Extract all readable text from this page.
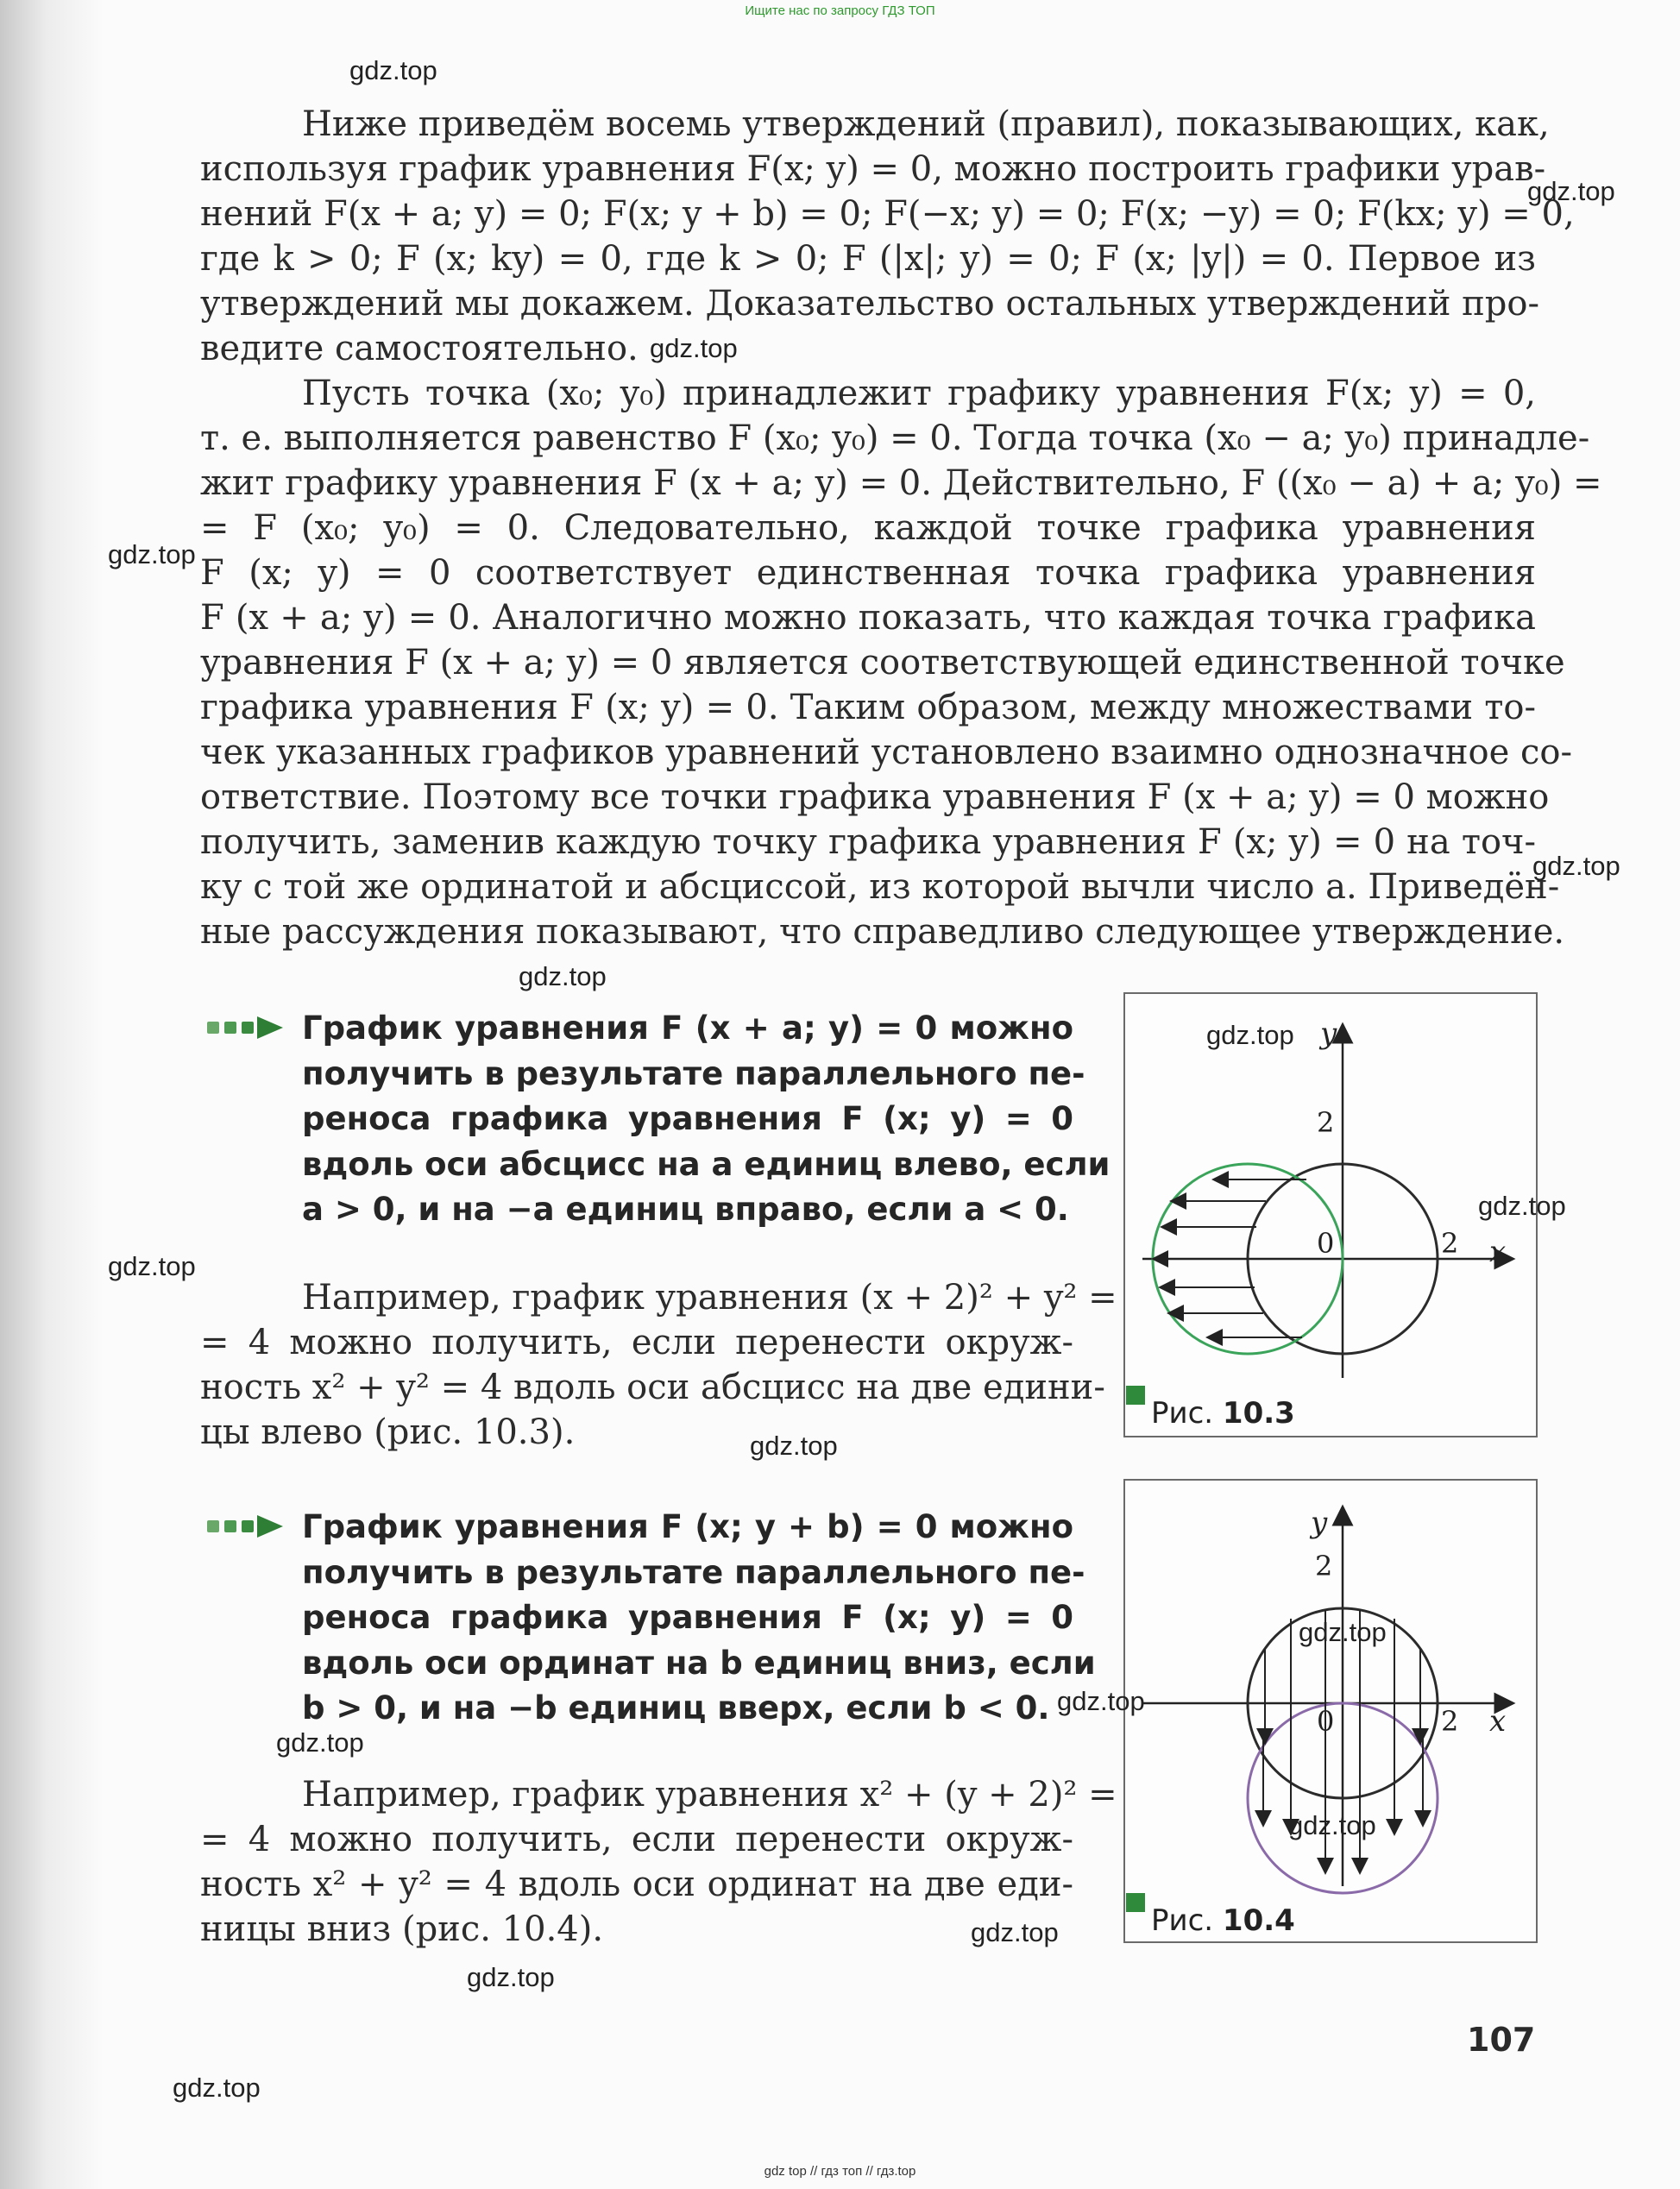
Ищите нас по запросу ГДЗ ТОП
Ниже приведём восемь утверждений (правил), показывающих, как,
используя график уравнения F(x; y) = 0, можно построить графики урав-
нений F(x + a; y) = 0; F(x; y + b) = 0; F(−x; y) = 0; F(x; −y) = 0; F(kx; y) = 0,
где k > 0; F (x; ky) = 0, где k > 0; F (|x|; y) = 0; F (x; |y|) = 0. Первое из
утверждений мы докажем. Доказательство остальных утверждений про-
ведите самостоятельно.
Пусть точка (x₀; y₀) принадлежит графику уравнения F(x; y) = 0,
т. е. выполняется равенство F (x₀; y₀) = 0. Тогда точка (x₀ − a; y₀) принадле-
жит графику уравнения F (x + a; y) = 0. Действительно, F ((x₀ − a) + a; y₀) =
= F (x₀; y₀) = 0. Следовательно, каждой точке графика уравнения
F (x; y) = 0 соответствует единственная точка графика уравнения
F (x + a; y) = 0. Аналогично можно показать, что каждая точка графика
уравнения F (x + a; y) = 0 является соответствующей единственной точке
графика уравнения F (x; y) = 0. Таким образом, между множествами то-
чек указанных графиков уравнений установлено взаимно однозначное со-
ответствие. Поэтому все точки графика уравнения F (x + a; y) = 0 можно
получить, заменив каждую точку графика уравнения F (x; y) = 0 на точ-
ку с той же ординатой и абсциссой, из которой вычли число a. Приведён-
ные рассуждения показывают, что справедливо следующее утверждение.
График уравнения F (x + a; y) = 0 можно
получить в результате параллельного пе-
реноса графика уравнения F (x; y) = 0
вдоль оси абсцисс на a единиц влево, если
a > 0, и на −a единиц вправо, если a < 0.
Например, график уравнения (x + 2)² + y² =
= 4 можно получить, если перенести окруж-
ность x² + y² = 4 вдоль оси абсцисс на две едини-
цы влево (рис. 10.3).
График уравнения F (x; y + b) = 0 можно
получить в результате параллельного пе-
реноса графика уравнения F (x; y) = 0
вдоль оси ординат на b единиц вниз, если
b > 0, и на −b единиц вверх, если b < 0.
Например, график уравнения x² + (y + 2)² =
= 4 можно получить, если перенести окруж-
ность x² + y² = 4 вдоль оси ординат на две еди-
ницы вниз (рис. 10.4).
2
y
0	2 x
Рис. 10.3
2
y
0	2 x
Рис. 10.4
gdz.top
gdz.top
gdz.top
gdz.top
gdz.top
gdz.top
gdz.top
gdz.top
gdz.top
gdz.top
gdz.top
gdz.top
gdz.top
gdz.top
gdz.top
gdz.top
gdz.top
107
gdz top // гдз топ // гдз.top
